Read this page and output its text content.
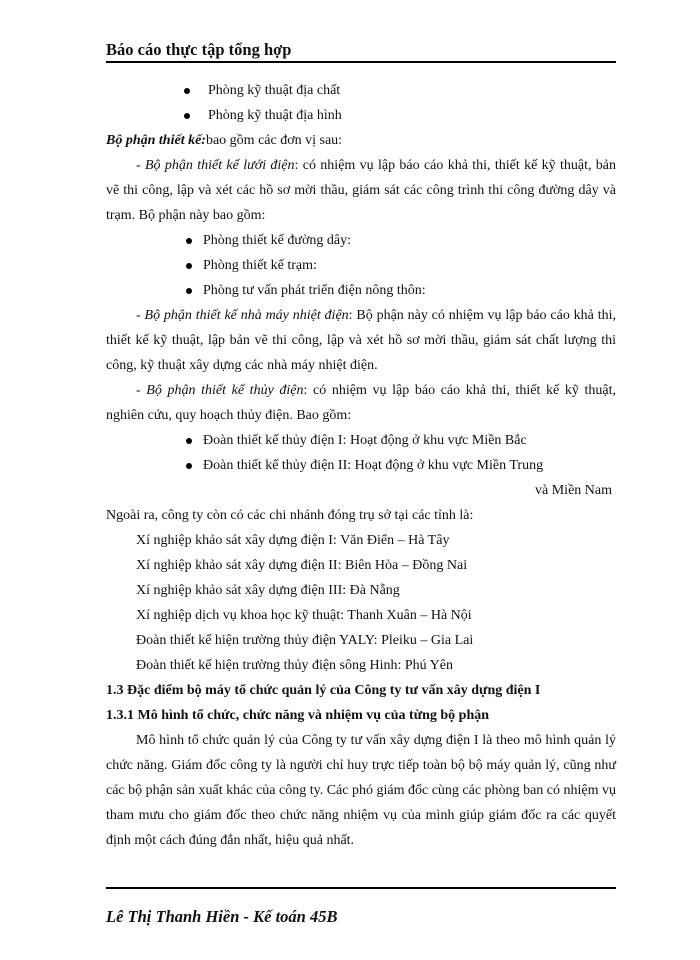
Báo cáo thực tập tổng hợp
Phòng kỹ thuật địa chất
Phòng kỹ thuật địa hình

Bộ phận thiết kế:bao gồm các đơn vị sau:

- Bộ phận thiết kế lưới điện: có nhiệm vụ lập báo cáo khả thi, thiết kế kỹ thuật, bản vẽ thi công, lập và xét các hồ sơ mời thầu, giám sát các công trình thi công đường dây và trạm. Bộ phận này bao gồm:

Phòng thiết kế đường dây:
Phòng thiết kế trạm:
Phòng tư vấn phát triển điện nông thôn:

- Bộ phận thiết kế nhà máy nhiệt điện: Bộ phận này có nhiệm vụ lập báo cáo khả thi, thiết kế kỹ thuật, lập bản vẽ thi công, lập và xét hồ sơ mời thầu, giám sát chất lượng thi công, kỹ thuật xây dựng các nhà máy nhiệt điện.

- Bộ phận thiết kế thủy điện: có nhiệm vụ lập báo cáo khả thi, thiết kế kỹ thuật, nghiên cứu, quy hoạch thủy điện. Bao gồm:

Đoàn thiết kế thủy điện I: Hoạt động ở khu vực Miền Bắc
Đoàn thiết kế thủy điện II: Hoạt động ở khu vực Miền Trung

và Miền Nam

Ngoài ra, công ty còn có các chi nhánh đóng trụ sở tại các tỉnh là:

Xí nghiệp khảo sát xây dựng điện I: Văn Điển – Hà Tây

Xí nghiệp khảo sát xây dựng điện II: Biên Hòa – Đồng Nai

Xí nghiệp khảo sát xây dựng điện III: Đà Nẵng

Xí nghiệp dịch vụ khoa học kỹ thuật: Thanh Xuân – Hà Nội

Đoàn thiết kế hiện trường thủy điện YALY: Pleiku – Gia Lai

Đoàn thiết kế hiện trường thủy điện sông Hinh: Phú Yên

1.3 Đặc điểm bộ máy tổ chức quản lý của Công ty tư vấn xây dựng điện I

1.3.1 Mô hình tổ chức, chức năng và nhiệm vụ của từng bộ phận

Mô hình tổ chức quản lý của Công ty tư vấn xây dựng điện I là theo mô hình quản lý chức năng. Giám đốc công ty là người chỉ huy trực tiếp toàn bộ bộ máy quản lý, cũng như các bộ phận sản xuất khác của công ty. Các phó giám đốc cùng các phòng ban có nhiệm vụ tham mưu cho giám đốc theo chức năng nhiệm vụ của mình giúp giám đốc ra các quyết định một cách đúng đắn nhất, hiệu quả nhất.

Lê Thị Thanh Hiền - Kế toán 45B
